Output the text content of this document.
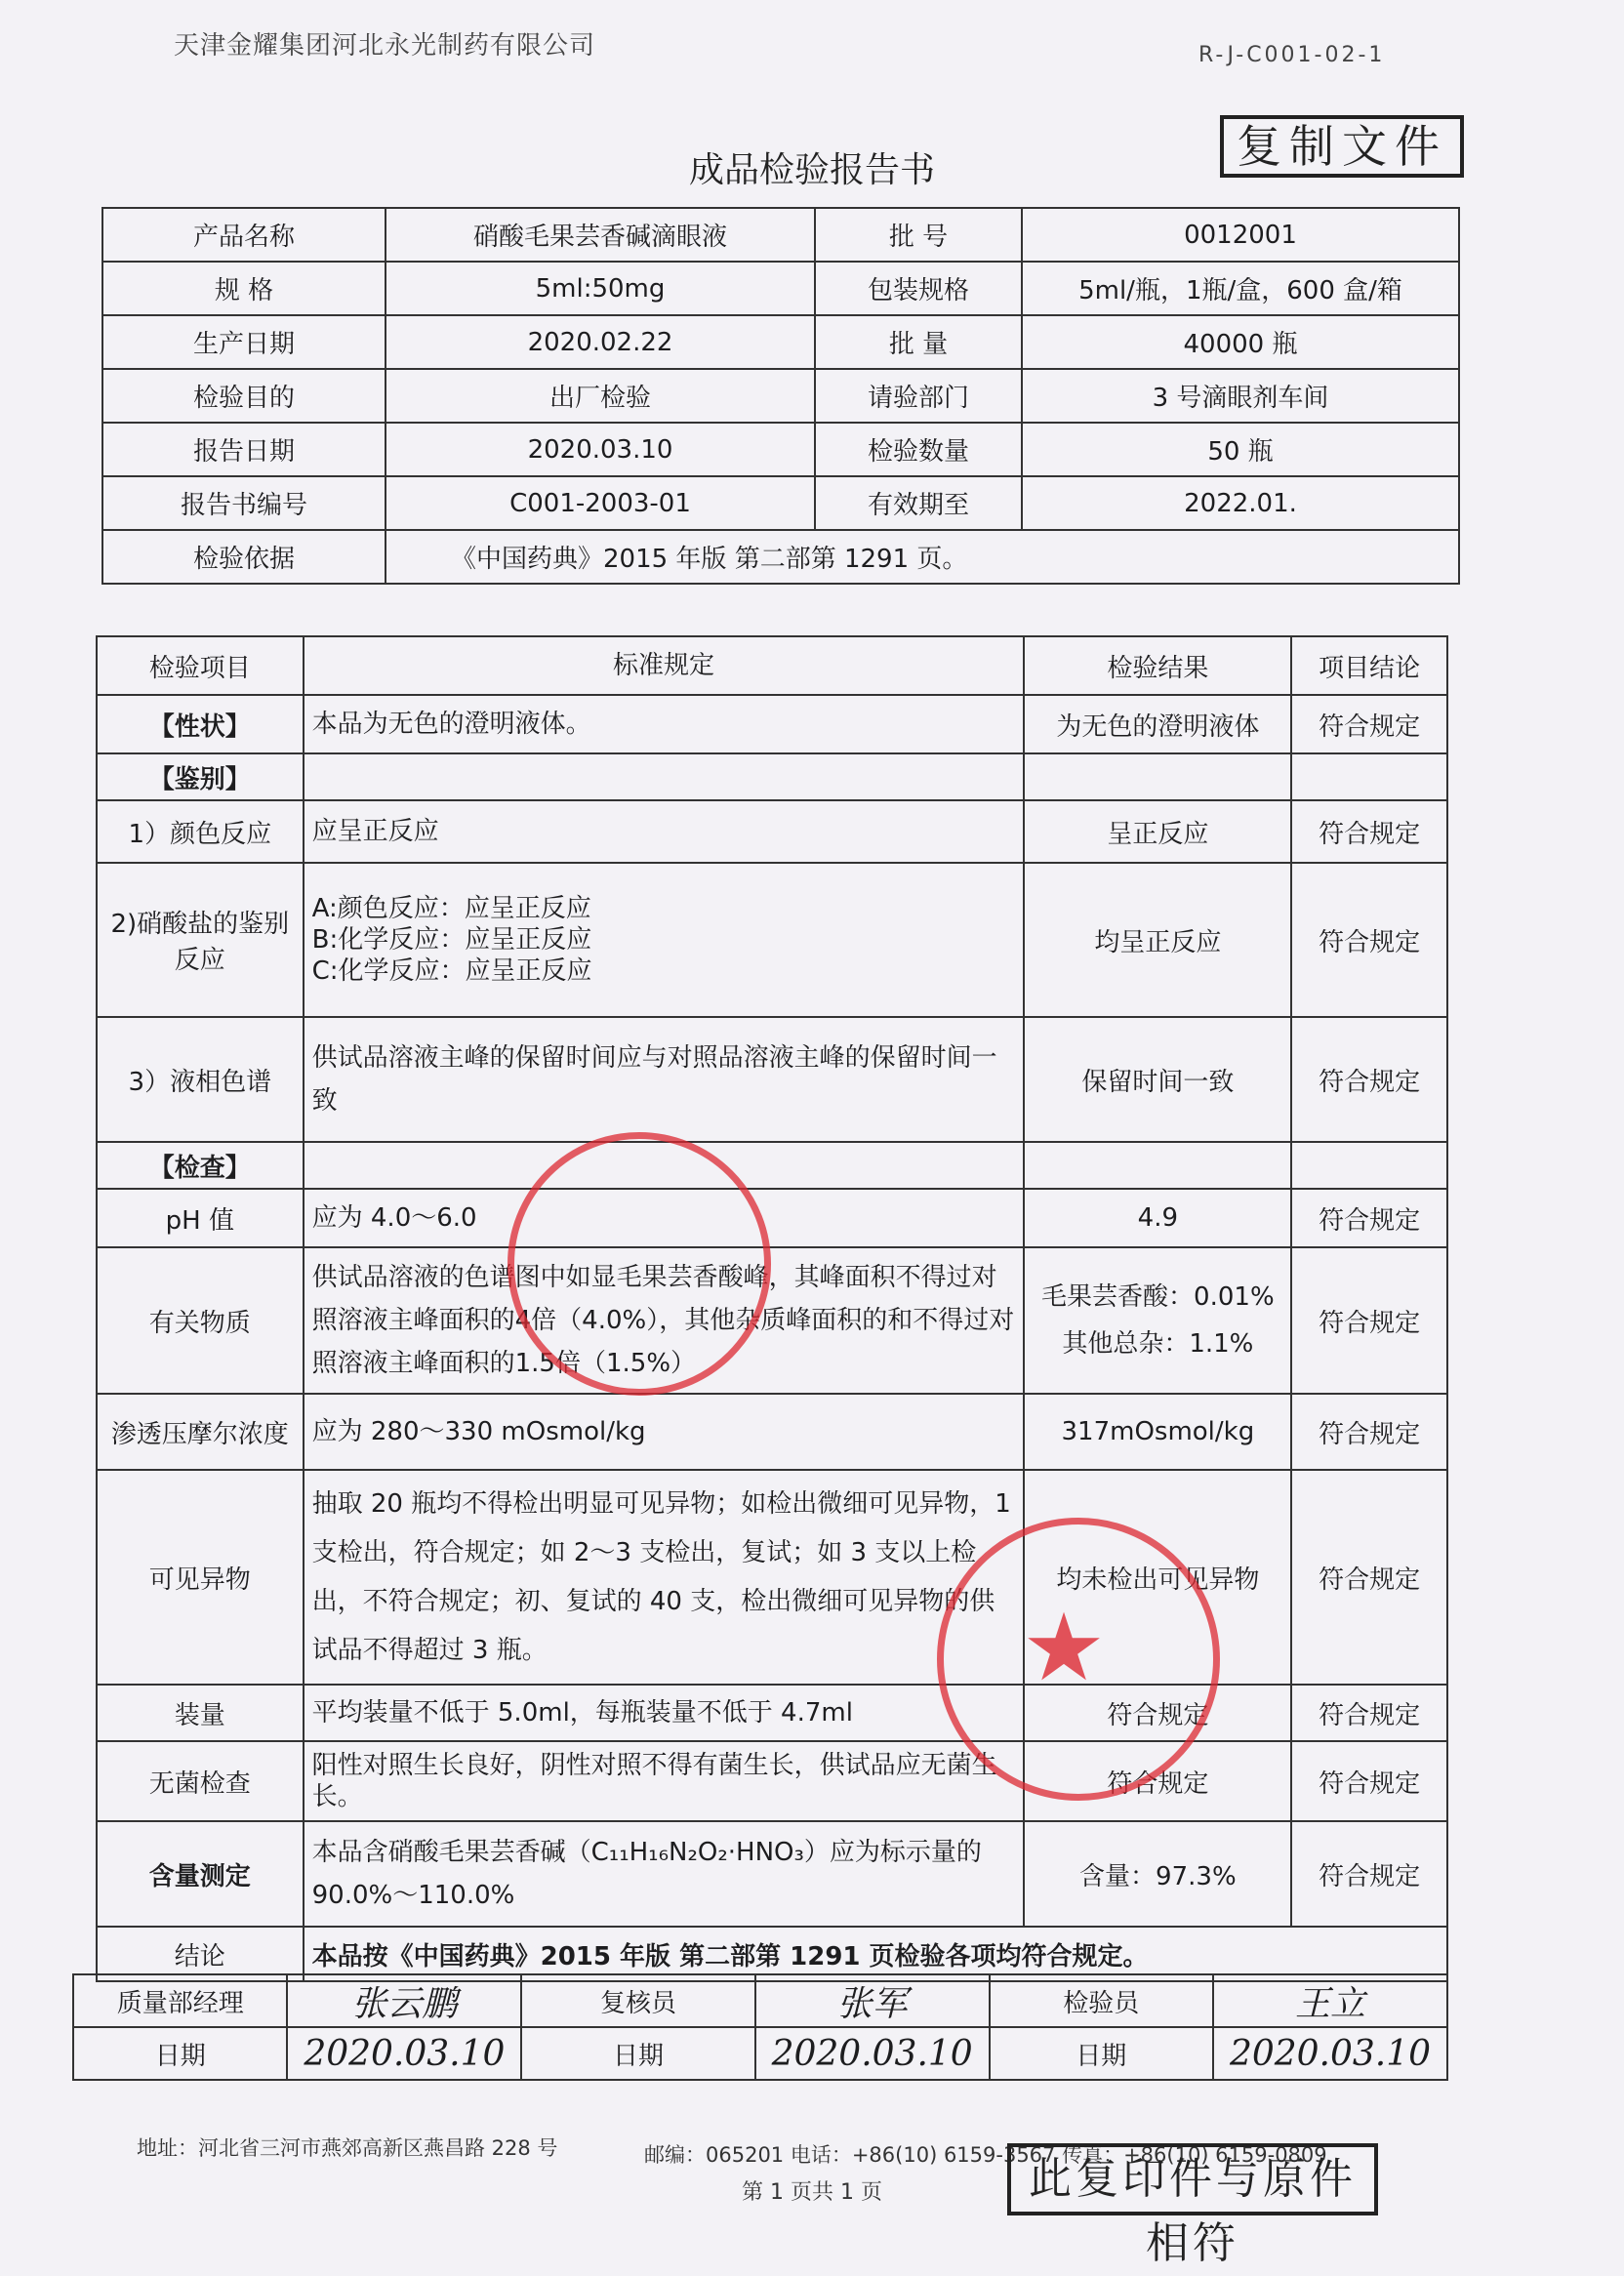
天津金耀集团河北永光制药有限公司	R-J-C001-02-1
复制文件
成品检验报告书
产品名称	硝酸毛果芸香碱滴眼液	批 号	0012001
规 格	5ml:50mg	包装规格	5ml/瓶，1瓶/盒，600 盒/箱
生产日期	2020.02.22	批 量	40000 瓶
检验目的	出厂检验	请验部门	3 号滴眼剂车间
报告日期	2020.03.10	检验数量	50 瓶
报告书编号	C001-2003-01	有效期至	2022.01.
检验依据	《中国药典》2015 年版 第二部第 1291 页。		
检验项目	标准规定	检验结果	项目结论
【性状】	本品为无色的澄明液体。	为无色的澄明液体	符合规定
【鉴别】			
1）颜色反应	应呈正反应	呈正反应	符合规定
2)硝酸盐的鉴别反应	A:颜色反应：应呈正反应
B:化学反应：应呈正反应
C:化学反应：应呈正反应	均呈正反应	符合规定
3）液相色谱	供试品溶液主峰的保留时间应与对照品溶液主峰的保留时间一致	保留时间一致	符合规定
【检查】			
pH 值	应为 4.0～6.0	4.9	符合规定
有关物质	供试品溶液的色谱图中如显毛果芸香酸峰，其峰面积不得过对照溶液主峰面积的4倍（4.0%），其他杂质峰面积的和不得过对照溶液主峰面积的1.5倍（1.5%）	毛果芸香酸：0.01%
其他总杂：1.1%	符合规定
渗透压摩尔浓度	应为 280～330 mOsmol/kg	317mOsmol/kg	符合规定
可见异物	抽取 20 瓶均不得检出明显可见异物；如检出微细可见异物，1 支检出，符合规定；如 2～3 支检出，复试；如 3 支以上检出，不符合规定；初、复试的 40 支，检出微细可见异物的供试品不得超过 3 瓶。	均未检出可见异物	符合规定
装量	平均装量不低于 5.0ml，每瓶装量不低于 4.7ml	符合规定	符合规定
无菌检查	阳性对照生长良好，阴性对照不得有菌生长，供试品应无菌生长。	符合规定	符合规定
含量测定	本品含硝酸毛果芸香碱（C₁₁H₁₆N₂O₂·HNO₃）应为标示量的 90.0%～110.0%	含量：97.3%	符合规定
结论	本品按《中国药典》2015 年版 第二部第 1291 页检验各项均符合规定。		
质量部经理	张云鹏	复核员	张军	检验员	王立
日期	2020.03.10	日期	2020.03.10	日期	2020.03.10
★
地址：河北省三河市燕郊高新区燕昌路 228 号	邮编：065201 电话：+86(10) 6159-3567 传真：+86(10) 6159-0809
第 1 页共 1 页	此复印件与原件相符
